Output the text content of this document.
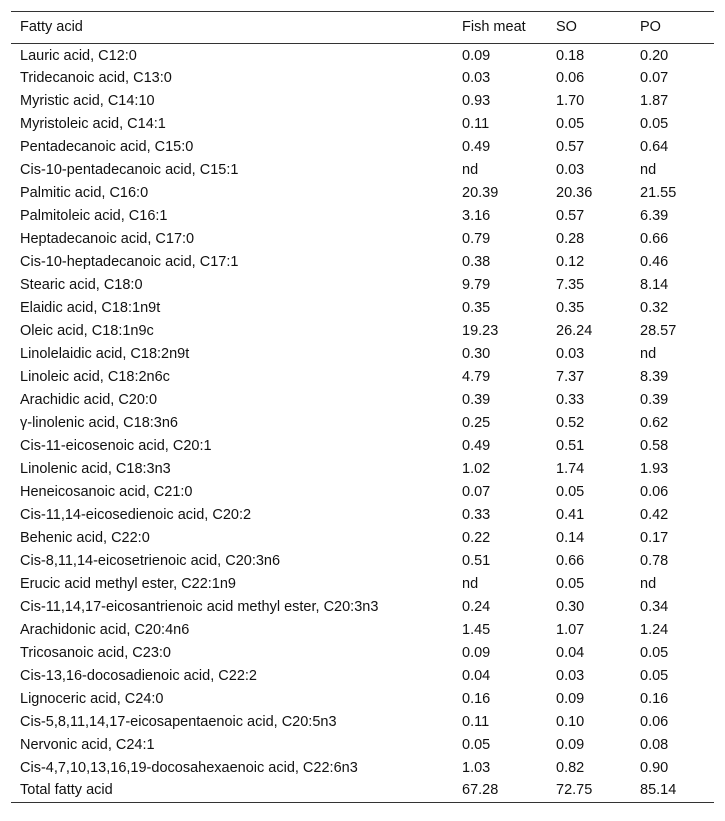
Fatty acid	Fish meat	SO	PO
Lauric acid, C12:0	0.09	0.18	0.20
Tridecanoic acid, C13:0	0.03	0.06	0.07
Myristic acid, C14:10	0.93	1.70	1.87
Myristoleic acid, C14:1	0.11	0.05	0.05
Pentadecanoic acid, C15:0	0.49	0.57	0.64
Cis-10-pentadecanoic acid, C15:1	nd	0.03	nd
Palmitic acid, C16:0	20.39	20.36	21.55
Palmitoleic acid, C16:1	3.16	0.57	6.39
Heptadecanoic acid, C17:0	0.79	0.28	0.66
Cis-10-heptadecanoic acid, C17:1	0.38	0.12	0.46
Stearic acid, C18:0	9.79	7.35	8.14
Elaidic acid, C18:1n9t	0.35	0.35	0.32
Oleic acid, C18:1n9c	19.23	26.24	28.57
Linolelaidic acid, C18:2n9t	0.30	0.03	nd
Linoleic acid, C18:2n6c	4.79	7.37	8.39
Arachidic acid, C20:0	0.39	0.33	0.39
γ-linolenic acid, C18:3n6	0.25	0.52	0.62
Cis-11-eicosenoic acid, C20:1	0.49	0.51	0.58
Linolenic acid, C18:3n3	1.02	1.74	1.93
Heneicosanoic acid, C21:0	0.07	0.05	0.06
Cis-11,14-eicosedienoic acid, C20:2	0.33	0.41	0.42
Behenic acid, C22:0	0.22	0.14	0.17
Cis-8,11,14-eicosetrienoic acid, C20:3n6	0.51	0.66	0.78
Erucic acid methyl ester, C22:1n9	nd	0.05	nd
Cis-11,14,17-eicosantrienoic acid methyl ester, C20:3n3	0.24	0.30	0.34
Arachidonic acid, C20:4n6	1.45	1.07	1.24
Tricosanoic acid, C23:0	0.09	0.04	0.05
Cis-13,16-docosadienoic acid, C22:2	0.04	0.03	0.05
Lignoceric acid, C24:0	0.16	0.09	0.16
Cis-5,8,11,14,17-eicosapentaenoic acid, C20:5n3	0.11	0.10	0.06
Nervonic acid, C24:1	0.05	0.09	0.08
Cis-4,7,10,13,16,19-docosahexaenoic acid, C22:6n3	1.03	0.82	0.90
Total fatty acid	67.28	72.75	85.14
